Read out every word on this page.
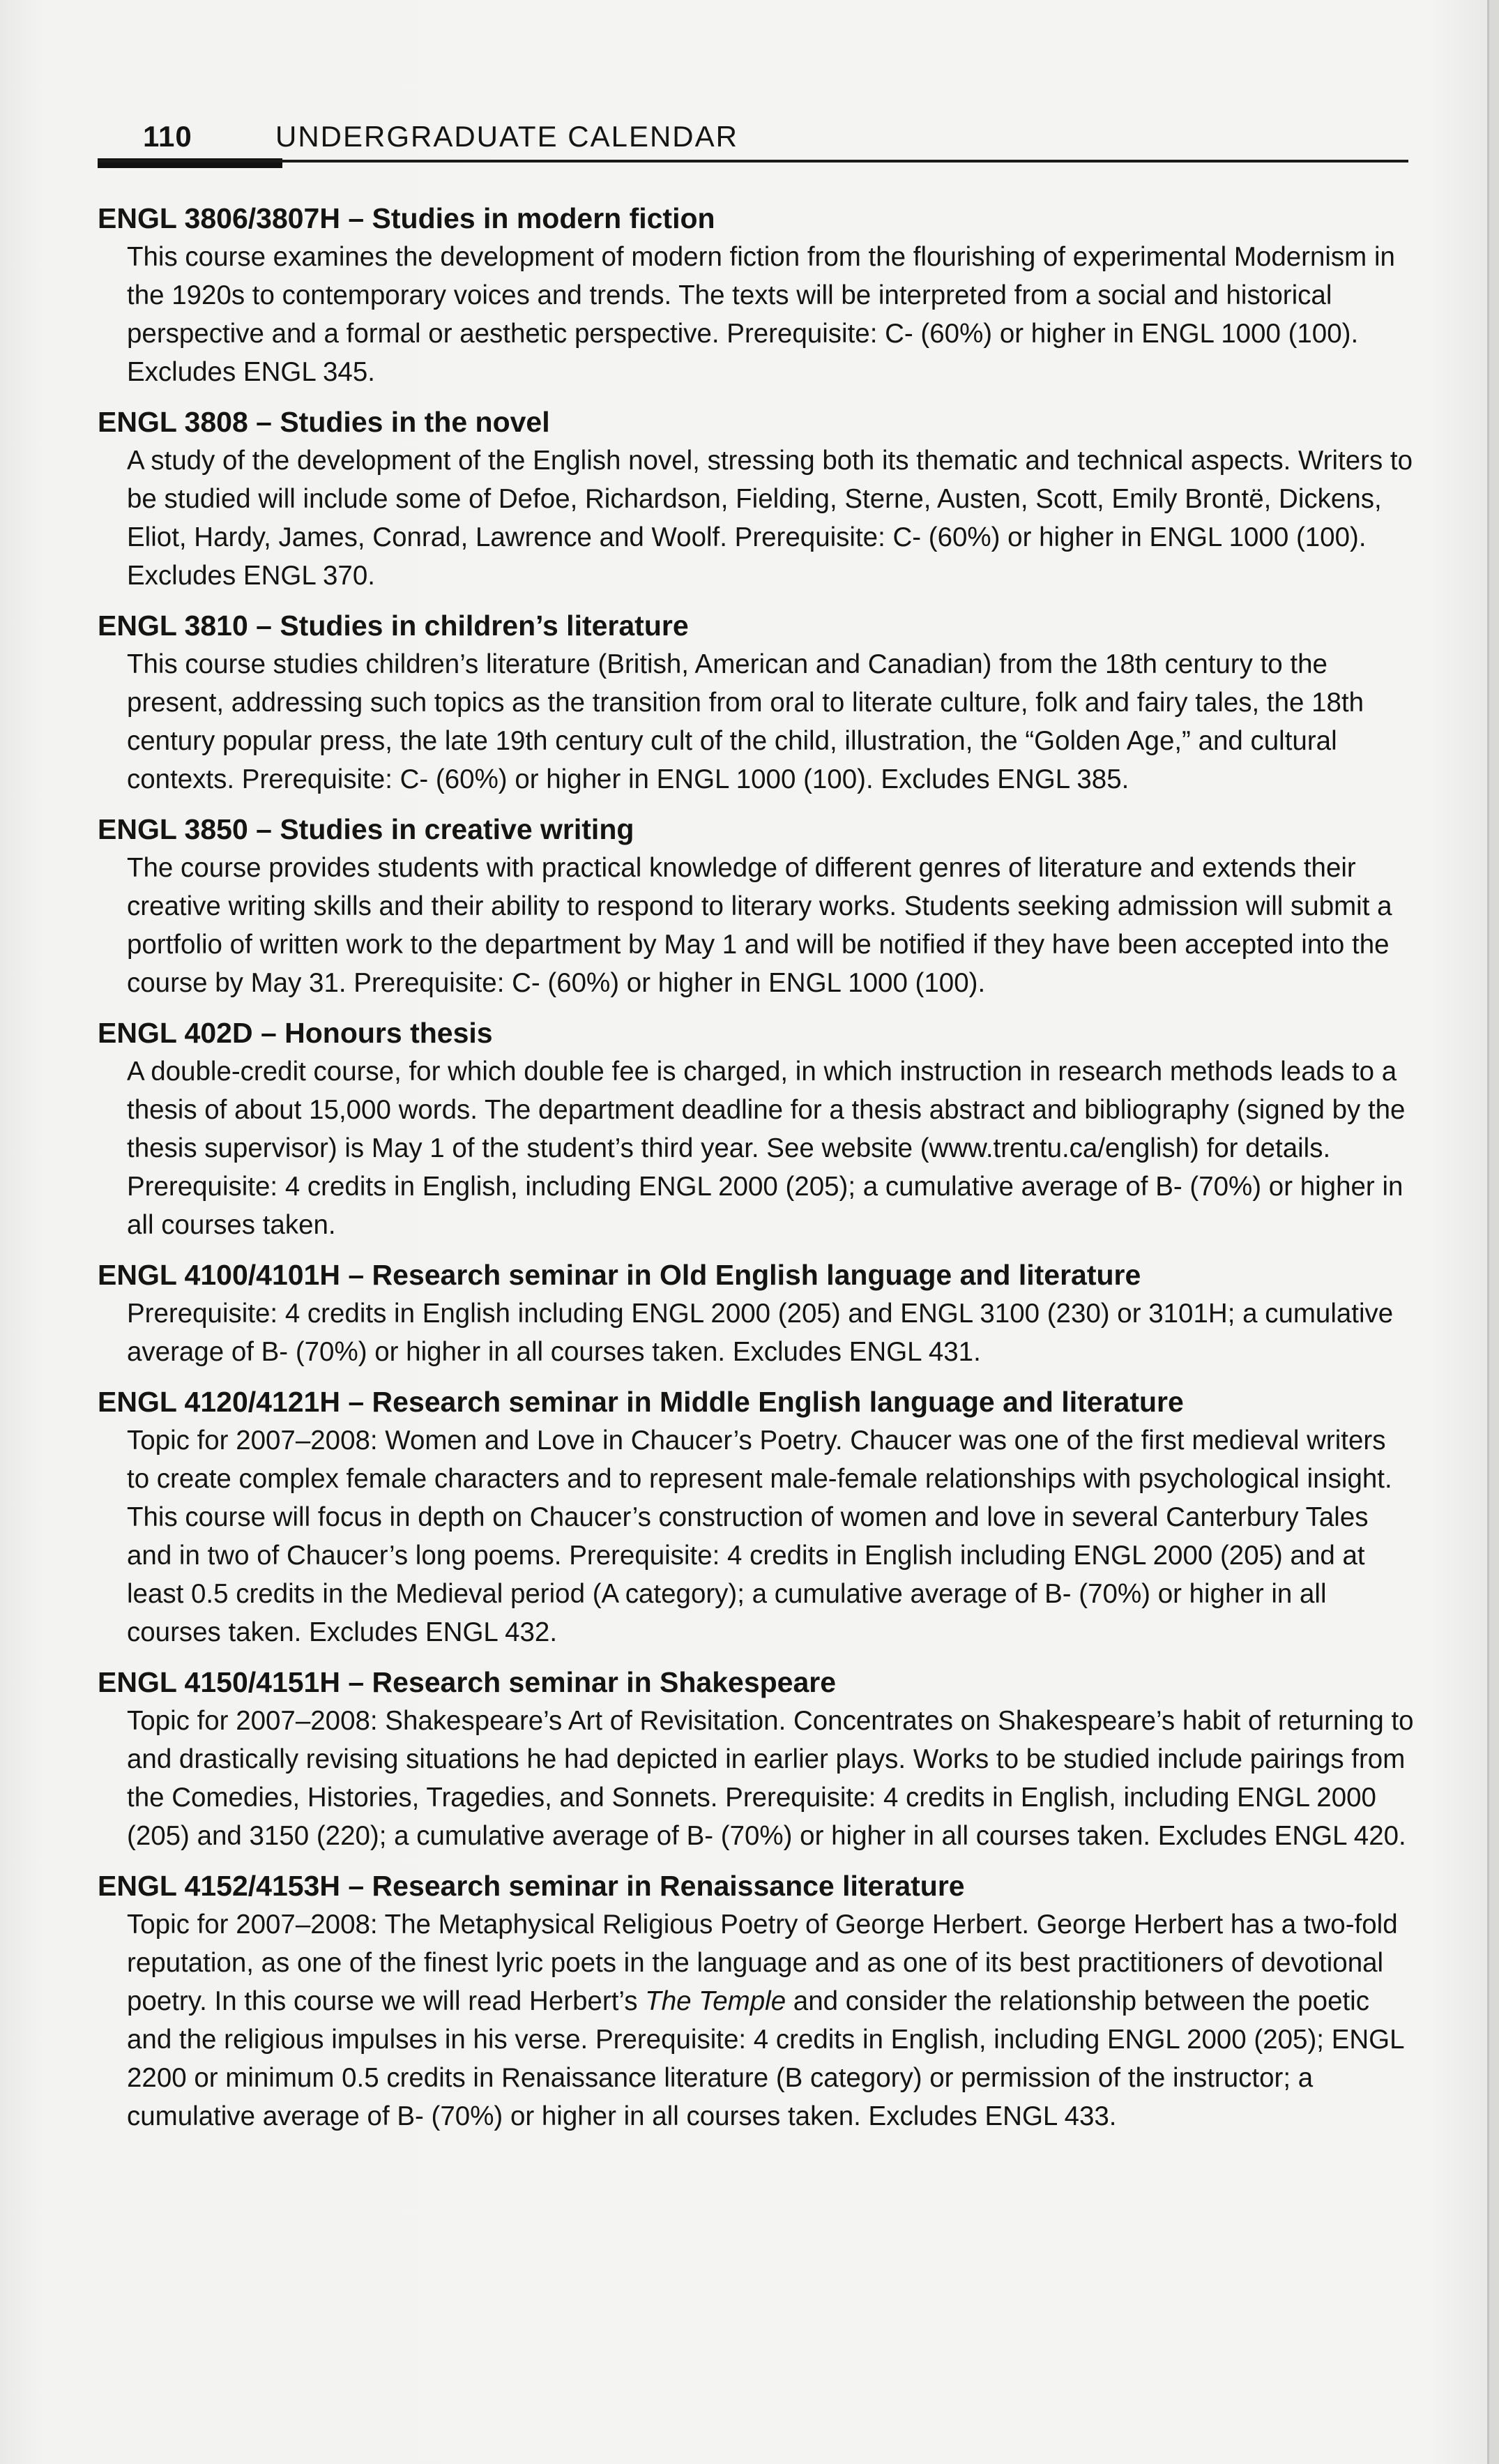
110	UNDERGRADUATE CALENDAR

ENGL 3806/3807H – Studies in modern fiction

This course examines the development of modern fiction from the flourishing of experimental Modernism in the 1920s to contemporary voices and trends. The texts will be interpreted from a social and historical perspective and a formal or aesthetic perspective. Prerequisite: C- (60%) or higher in ENGL 1000 (100). Excludes ENGL 345.

ENGL 3808 – Studies in the novel

A study of the development of the English novel, stressing both its thematic and technical aspects. Writers to be studied will include some of Defoe, Richardson, Fielding, Sterne, Austen, Scott, Emily Brontë, Dickens, Eliot, Hardy, James, Conrad, Lawrence and Woolf. Prerequisite: C- (60%) or higher in ENGL 1000 (100). Excludes ENGL 370.

ENGL 3810 – Studies in children’s literature

This course studies children’s literature (British, American and Canadian) from the 18th century to the present, addressing such topics as the transition from oral to literate culture, folk and fairy tales, the 18th century popular press, the late 19th century cult of the child, illustration, the “Golden Age,” and cultural contexts. Prerequisite: C- (60%) or higher in ENGL 1000 (100). Excludes ENGL 385.

ENGL 3850 – Studies in creative writing

The course provides students with practical knowledge of different genres of literature and extends their creative writing skills and their ability to respond to literary works. Students seeking admission will submit a portfolio of written work to the department by May 1 and will be notified if they have been accepted into the course by May 31. Prerequisite: C- (60%) or higher in ENGL 1000 (100).

ENGL 402D – Honours thesis

A double-credit course, for which double fee is charged, in which instruction in research methods leads to a thesis of about 15,000 words. The department deadline for a thesis abstract and bibliography (signed by the thesis supervisor) is May 1 of the student’s third year. See website (www.trentu.ca/english) for details. Prerequisite: 4 credits in English, including ENGL 2000 (205); a cumulative average of B- (70%) or higher in all courses taken.

ENGL 4100/4101H – Research seminar in Old English language and literature

Prerequisite: 4 credits in English including ENGL 2000 (205) and ENGL 3100 (230) or 3101H; a cumulative average of B- (70%) or higher in all courses taken. Excludes ENGL 431.

ENGL 4120/4121H – Research seminar in Middle English language and literature

Topic for 2007–2008: Women and Love in Chaucer’s Poetry. Chaucer was one of the first medieval writers to create complex female characters and to represent male-female relationships with psychological insight. This course will focus in depth on Chaucer’s construction of women and love in several Canterbury Tales and in two of Chaucer’s long poems. Prerequisite: 4 credits in English including ENGL 2000 (205) and at least 0.5 credits in the Medieval period (A category); a cumulative average of B- (70%) or higher in all courses taken. Excludes ENGL 432.

ENGL 4150/4151H – Research seminar in Shakespeare

Topic for 2007–2008: Shakespeare’s Art of Revisitation. Concentrates on Shakespeare’s habit of returning to and drastically revising situations he had depicted in earlier plays. Works to be studied include pairings from the Comedies, Histories, Tragedies, and Sonnets. Prerequisite: 4 credits in English, including ENGL 2000 (205) and 3150 (220); a cumulative average of B- (70%) or higher in all courses taken. Excludes ENGL 420.

ENGL 4152/4153H – Research seminar in Renaissance literature

Topic for 2007–2008: The Metaphysical Religious Poetry of George Herbert. George Herbert has a two-fold reputation, as one of the finest lyric poets in the language and as one of its best practitioners of devotional poetry. In this course we will read Herbert’s The Temple and consider the relationship between the poetic and the religious impulses in his verse. Prerequisite: 4 credits in English, including ENGL 2000 (205); ENGL 2200 or minimum 0.5 credits in Renaissance literature (B category) or permission of the instructor; a cumulative average of B- (70%) or higher in all courses taken. Excludes ENGL 433.
